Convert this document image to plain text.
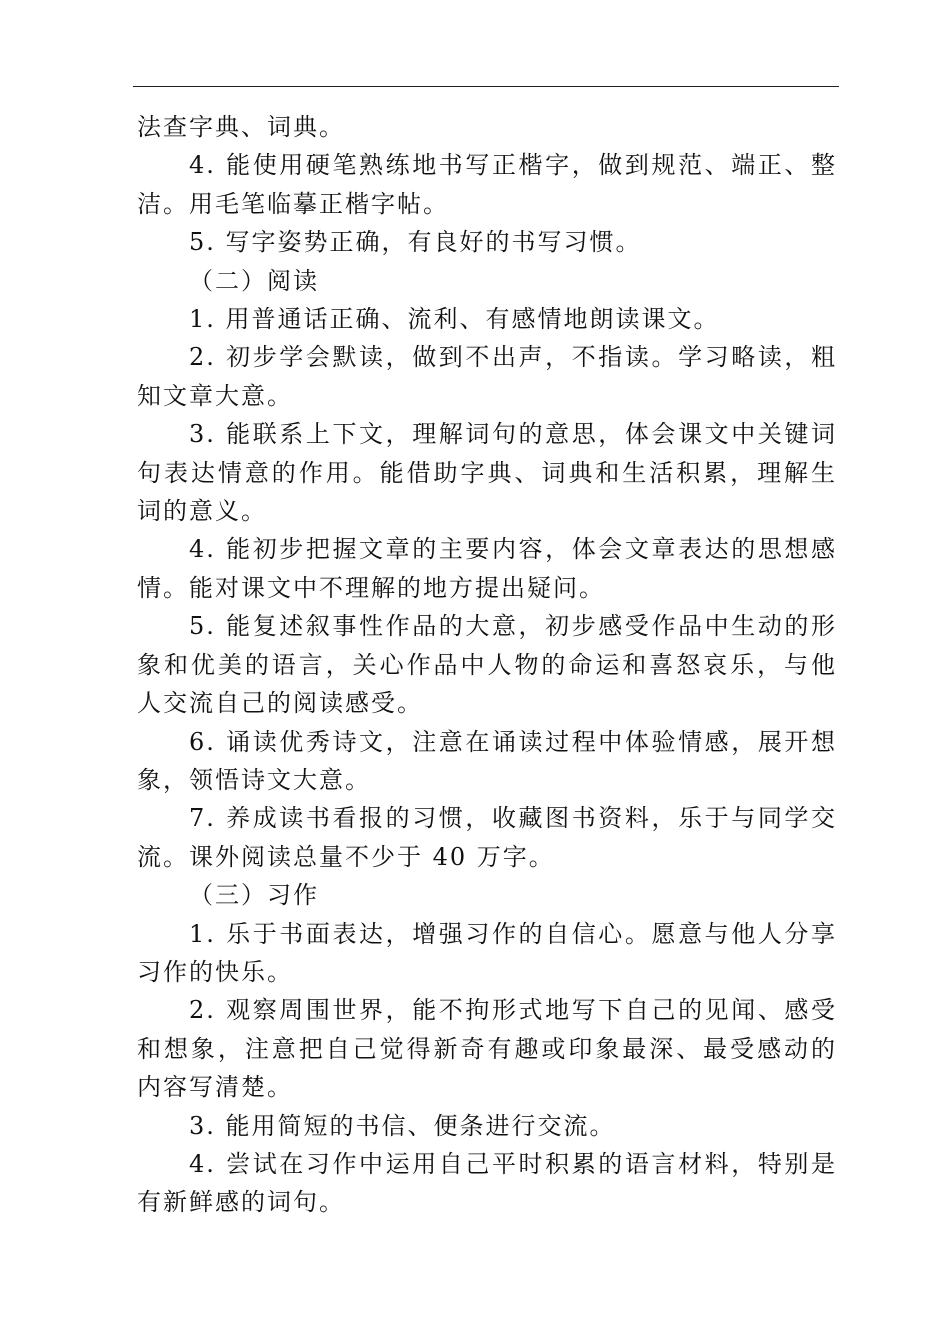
法查字典、词典。

4. 能使用硬笔熟练地书写正楷字，做到规范、端正、整洁。用毛笔临摹正楷字帖。

5. 写字姿势正确，有良好的书写习惯。

（二）阅读

1. 用普通话正确、流利、有感情地朗读课文。

2. 初步学会默读，做到不出声，不指读。学习略读，粗知文章大意。

3. 能联系上下文，理解词句的意思，体会课文中关键词句表达情意的作用。能借助字典、词典和生活积累，理解生词的意义。

4. 能初步把握文章的主要内容，体会文章表达的思想感情。能对课文中不理解的地方提出疑问。

5. 能复述叙事性作品的大意，初步感受作品中生动的形象和优美的语言，关心作品中人物的命运和喜怒哀乐，与他人交流自己的阅读感受。

6. 诵读优秀诗文，注意在诵读过程中体验情感，展开想象，领悟诗文大意。

7. 养成读书看报的习惯，收藏图书资料，乐于与同学交流。课外阅读总量不少于 40 万字。

（三）习作

1. 乐于书面表达，增强习作的自信心。愿意与他人分享习作的快乐。

2. 观察周围世界，能不拘形式地写下自己的见闻、感受和想象，注意把自己觉得新奇有趣或印象最深、最受感动的内容写清楚。

3. 能用简短的书信、便条进行交流。

4. 尝试在习作中运用自己平时积累的语言材料，特别是有新鲜感的词句。
